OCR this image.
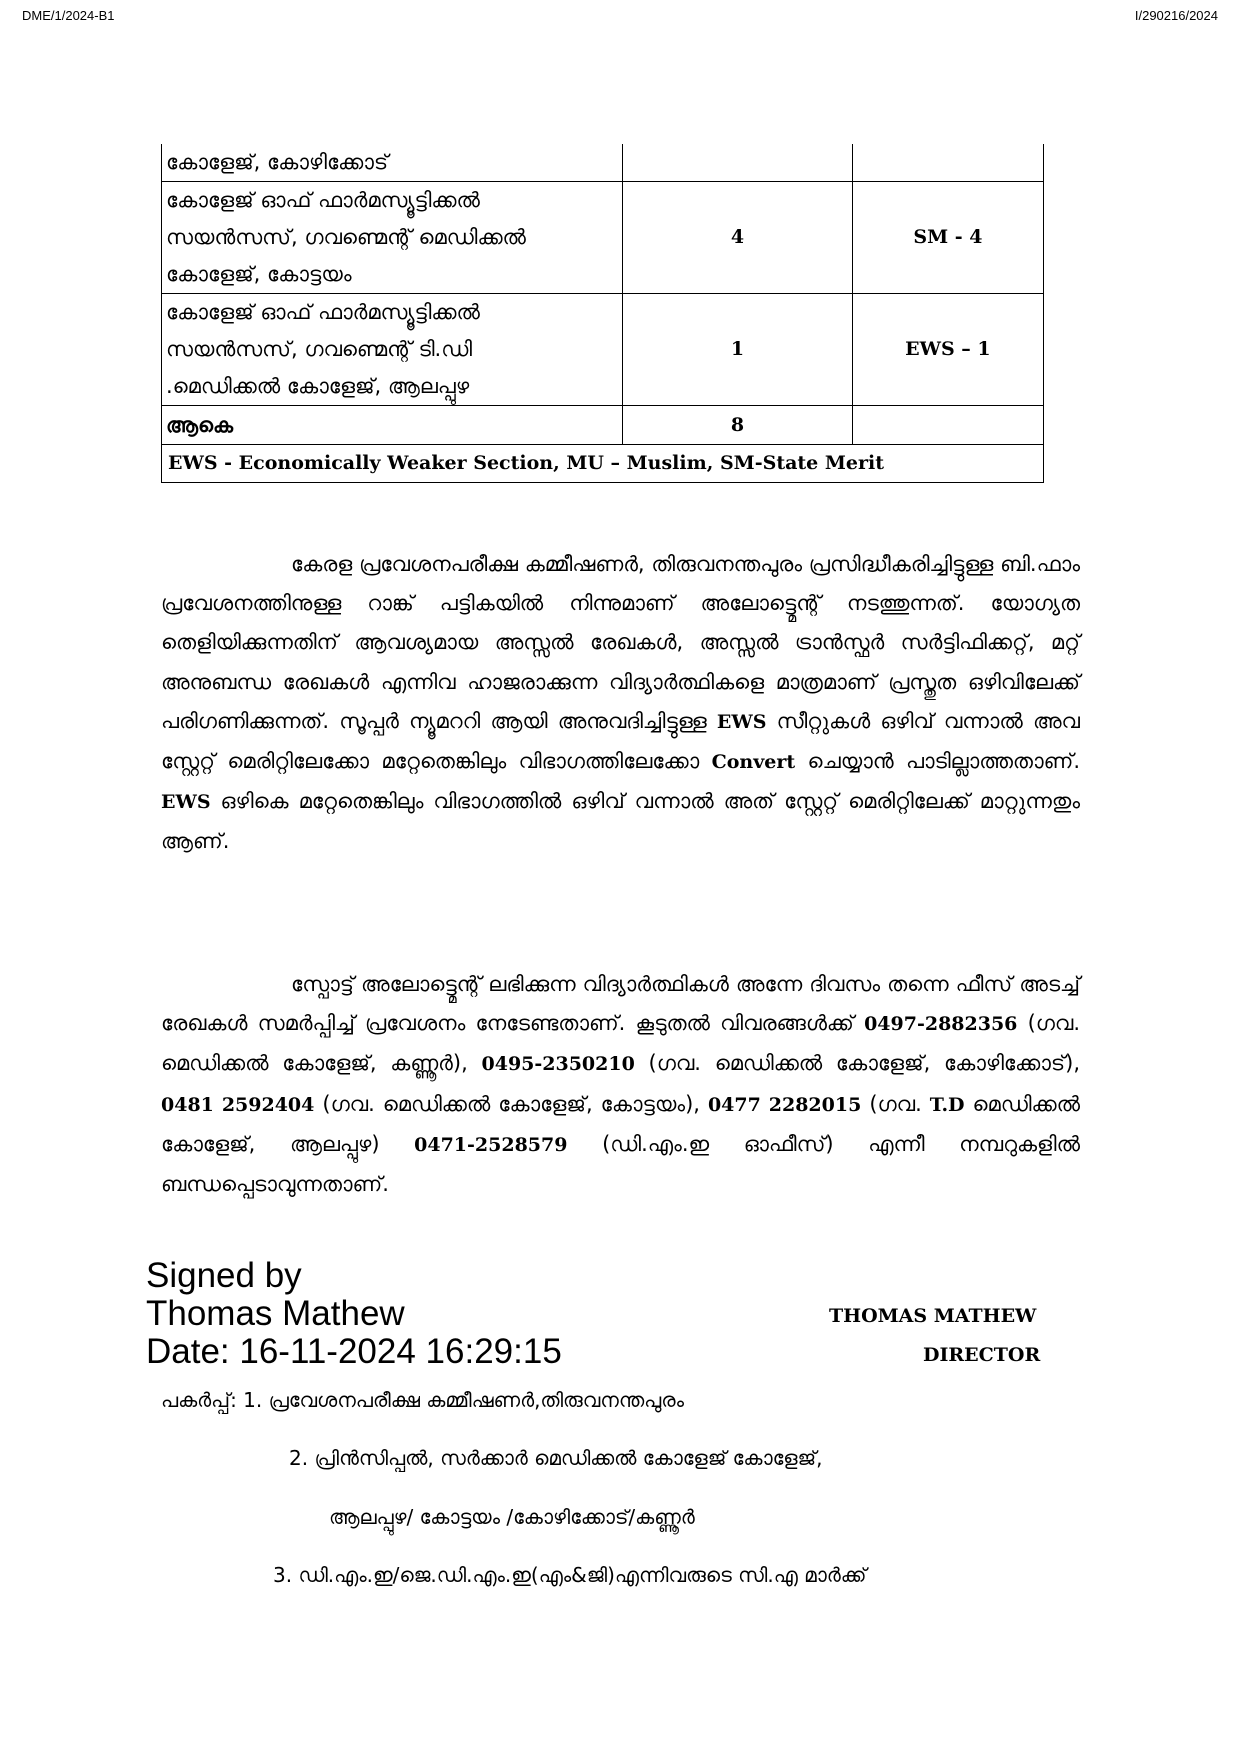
DME/1/2024-B1	I/290216/2024
കോളേജ്, കോഴിക്കോട്		

കോളേജ് ഓഫ് ഫാർമസ്യൂട്ടിക്കൽ
സയൻസസ്, ഗവണ്മെന്റ് മെഡിക്കൽ
കോളേജ്, കോട്ടയം	4	SM - 4

കോളേജ് ഓഫ് ഫാർമസ്യൂട്ടിക്കൽ
സയൻസസ്, ഗവണ്മെന്റ് ടി.ഡി
.മെഡിക്കൽ കോളേജ്, ആലപ്പുഴ	1	EWS – 1
ആകെ	8	
EWS - Economically Weaker Section, MU – Muslim, SM-State Merit		

കേരള പ്രവേശനപരീക്ഷ കമ്മീഷണർ, തിരുവനന്തപുരം പ്രസിദ്ധീകരിച്ചിട്ടുള്ള ബി.ഫാം പ്രവേശനത്തിനുള്ള റാങ്ക് പട്ടികയിൽ നിന്നുമാണ് അലോട്ട്മെന്റ് നടത്തുന്നത്. യോഗ്യത തെളിയിക്കുന്നതിന് ആവശ്യമായ അസ്സൽ രേഖകൾ, അസ്സൽ ട്രാൻസ്ഫർ സർട്ടിഫിക്കറ്റ്, മറ്റ് അനുബന്ധ രേഖകൾ എന്നിവ ഹാജരാക്കുന്ന വിദ്യാർത്ഥികളെ മാത്രമാണ് പ്രസ്തുത ഒഴിവിലേക്ക് പരിഗണിക്കുന്നത്. സൂപ്പർ ന്യൂമററി ആയി അനുവദിച്ചിട്ടുള്ള EWS സീറ്റുകൾ ഒഴിവ് വന്നാൽ അവ സ്റ്റേറ്റ് മെരിറ്റിലേക്കോ മറ്റേതെങ്കിലും വിഭാഗത്തിലേക്കോ Convert ചെയ്യാൻ പാടില്ലാത്തതാണ്. EWS ഒഴികെ മറ്റേതെങ്കിലും വിഭാഗത്തിൽ ഒഴിവ് വന്നാൽ അത് സ്റ്റേറ്റ് മെരിറ്റിലേക്ക് മാറ്റുന്നതും ആണ്.

സ്പോട്ട് അലോട്ട്മെന്റ് ലഭിക്കുന്ന വിദ്യാർത്ഥികൾ അന്നേ ദിവസം തന്നെ ഫീസ് അടച്ച് രേഖകൾ സമർപ്പിച്ച് പ്രവേശനം നേടേണ്ടതാണ്. കൂടുതൽ വിവരങ്ങൾക്ക് 0497-2882356 (ഗവ. മെഡിക്കൽ കോളേജ്, കണ്ണൂർ), 0495-2350210 (ഗവ. മെഡിക്കൽ കോളേജ്, കോഴിക്കോട്), 0481 2592404 (ഗവ. മെഡിക്കൽ കോളേജ്, കോട്ടയം), 0477 2282015 (ഗവ. T.D മെഡിക്കൽ കോളേജ്, ആലപ്പുഴ) 0471-2528579 (ഡി.എം.ഇ ഓഫീസ്) എന്നീ നമ്പറുകളിൽ ബന്ധപ്പെടാവുന്നതാണ്.

Signed by
Thomas Mathew
Date: 16-11-2024 16:29:15
THOMAS MATHEW
DIRECTOR
പകർപ്പ്: 1. പ്രവേശനപരീക്ഷ കമ്മീഷണർ,തിരുവനന്തപുരം
2. പ്രിൻസിപ്പൽ, സർക്കാർ മെഡിക്കൽ കോളേജ് കോളേജ്,
ആലപ്പുഴ/ കോട്ടയം /കോഴിക്കോട്/കണ്ണൂർ
3. ഡി.എം.ഇ/ജെ.ഡി.എം.ഇ(എം&ജി)എന്നിവരുടെ സി.എ മാർക്ക്
